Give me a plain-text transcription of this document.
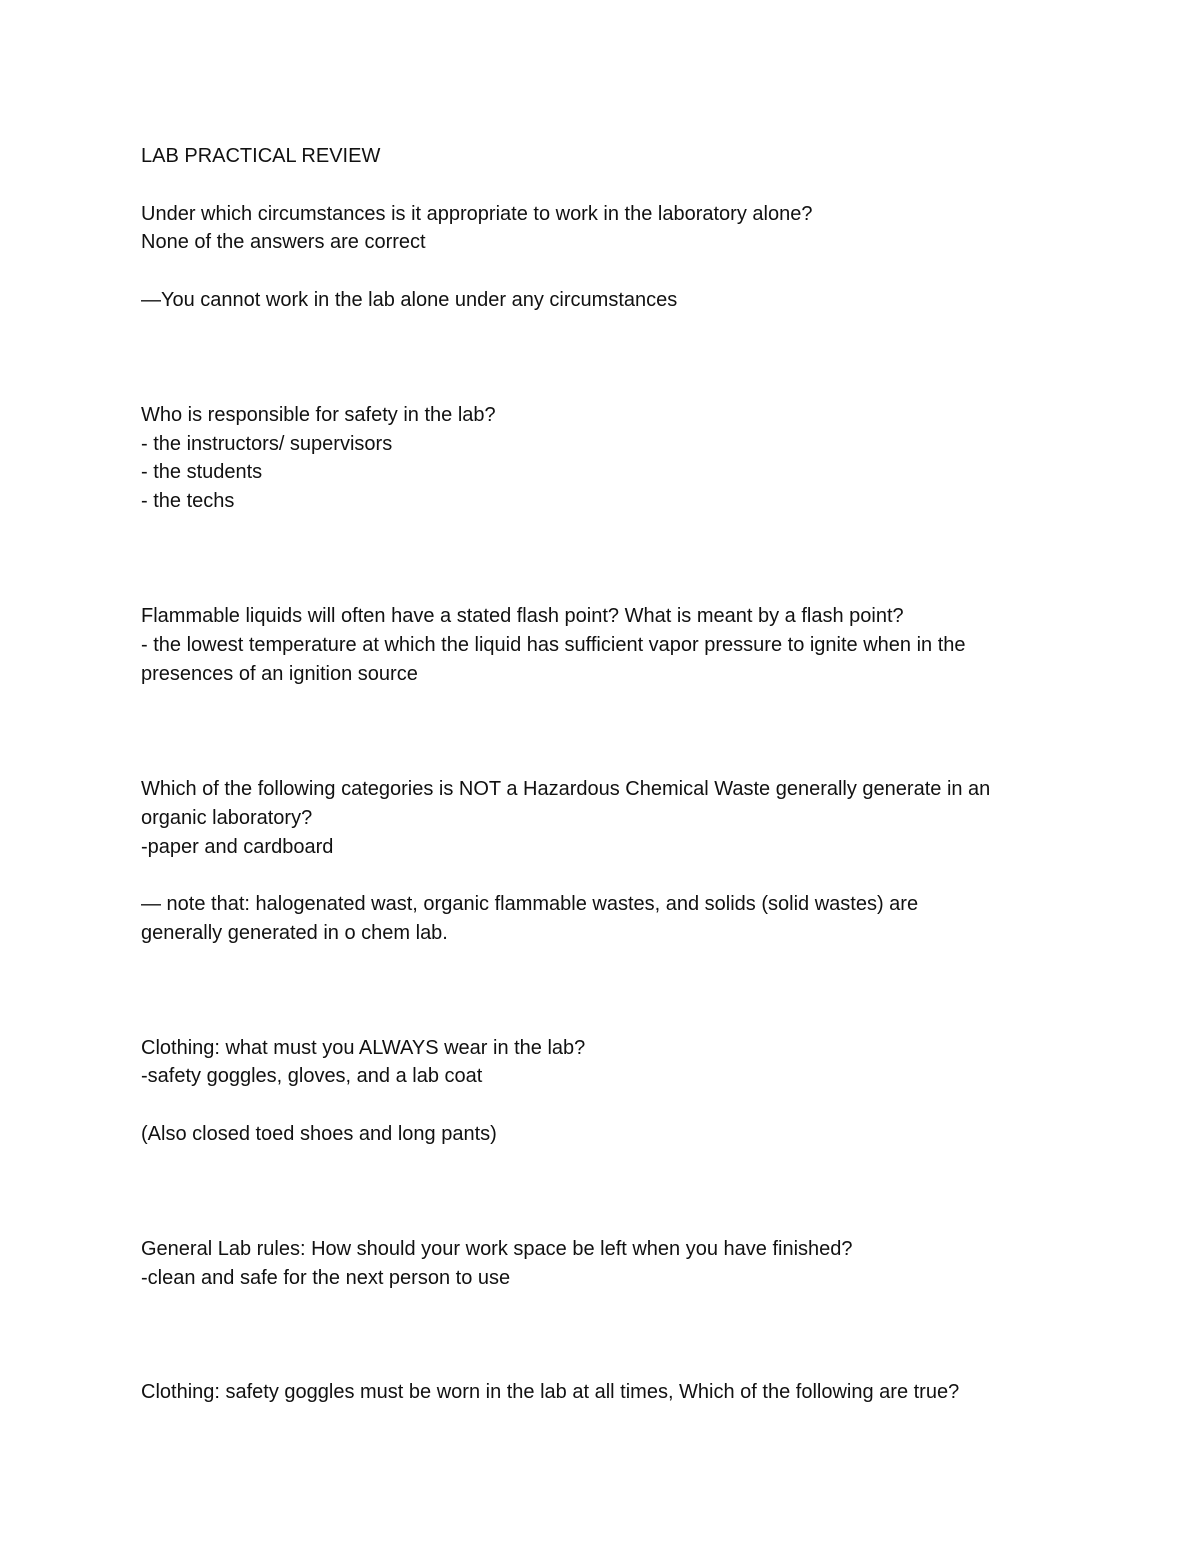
LAB PRACTICAL REVIEW
Under which circumstances is it appropriate to work in the laboratory alone?
None of the answers are correct
—You cannot work in the lab alone under any circumstances
Who is responsible for safety in the lab?
- the instructors/ supervisors
- the students
- the techs
Flammable liquids will often have a stated flash point? What is meant by a flash point?
- the lowest temperature at which the liquid has sufficient vapor pressure to ignite when in the
presences of an ignition source
Which of the following categories is NOT a Hazardous Chemical Waste generally generate in an
organic laboratory?
-paper and cardboard
— note that: halogenated wast, organic flammable wastes, and solids (solid wastes) are
generally generated in o chem lab.
Clothing: what must you ALWAYS wear in the lab?
-safety goggles, gloves, and a lab coat
(Also closed toed shoes and long pants)
General Lab rules: How should your work space be left when you have finished?
-clean and safe for the next person to use
Clothing: safety goggles must be worn in the lab at all times, Which of the following are true?
